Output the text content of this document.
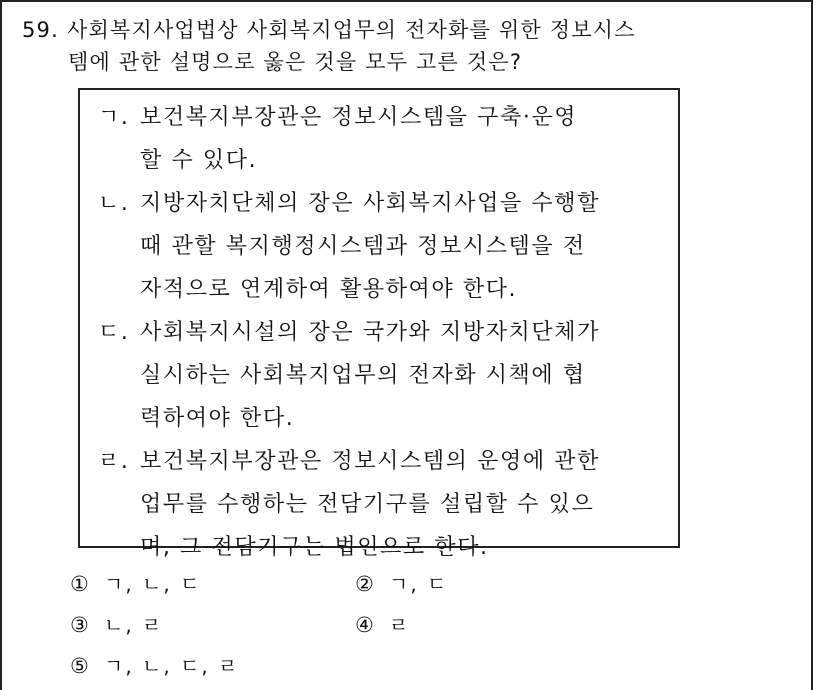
59. 사회복지사업법상 사회복지업무의 전자화를 위한 정보시스
템에 관한 설명으로 옳은 것을 모두 고른 것은?
ㄱ. 보건복지부장관은 정보시스템을 구축·운영
할 수 있다.
ㄴ. 지방자치단체의 장은 사회복지사업을 수행할
때 관할 복지행정시스템과 정보시스템을 전
자적으로 연계하여 활용하여야 한다.
ㄷ. 사회복지시설의 장은 국가와 지방자치단체가
실시하는 사회복지업무의 전자화 시책에 협
력하여야 한다.
ㄹ. 보건복지부장관은 정보시스템의 운영에 관한
업무를 수행하는 전담기구를 설립할 수 있으
며, 그 전담기구는 법인으로 한다.
① ㄱ, ㄴ, ㄷ	② ㄱ, ㄷ
③ ㄴ, ㄹ	④ ㄹ
⑤ ㄱ, ㄴ, ㄷ, ㄹ
